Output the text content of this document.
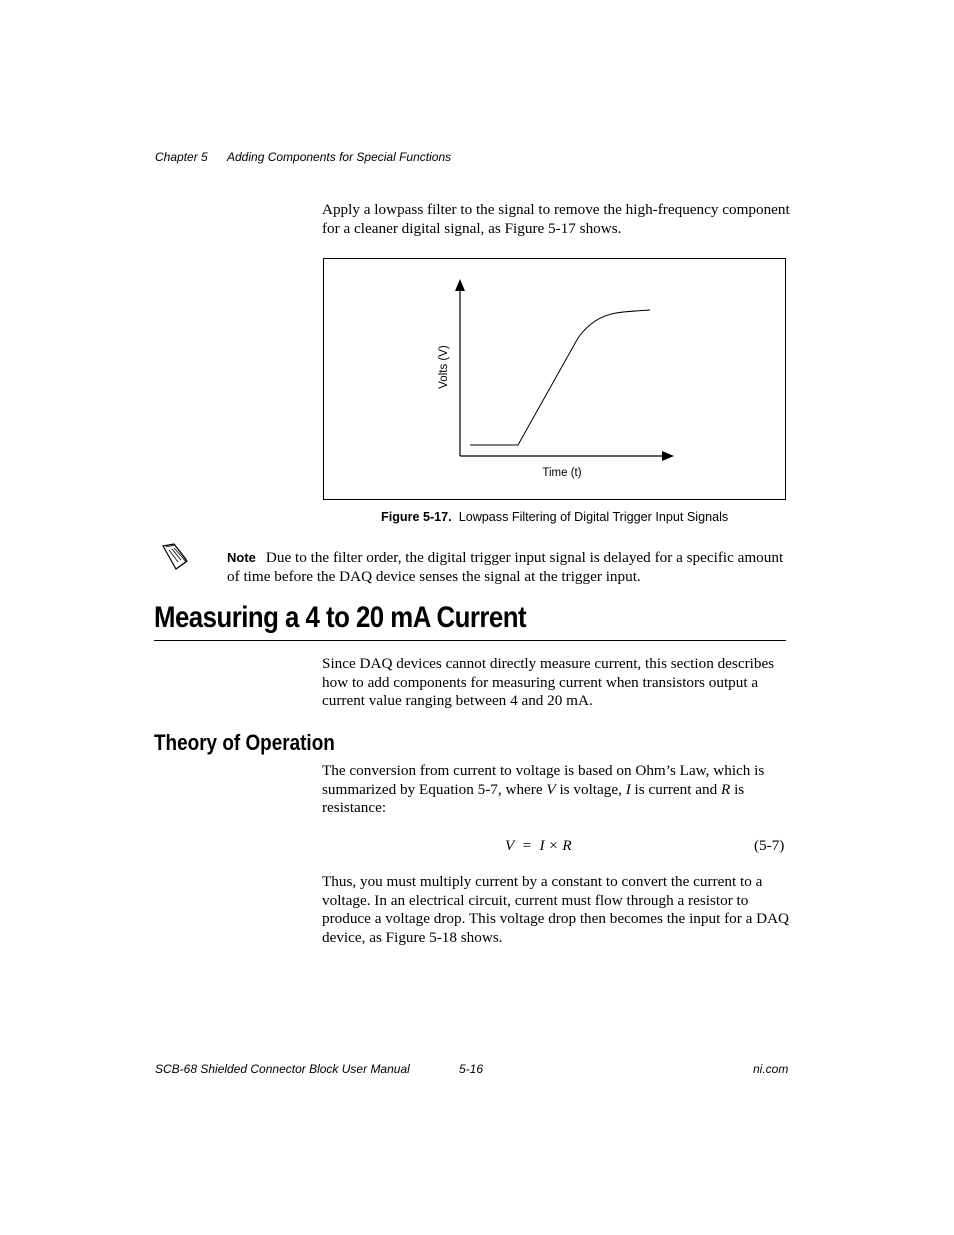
Chapter 5 Adding Components for Special Functions
Apply a lowpass filter to the signal to remove the high-frequency component for a cleaner digital signal, as Figure 5-17 shows.
Volts (V)
Time (t)
Figure 5-17. Lowpass Filtering of Digital Trigger Input Signals
Note Due to the filter order, the digital trigger input signal is delayed for a specific amount of time before the DAQ device senses the signal at the trigger input.
Measuring a 4 to 20 mA Current
Since DAQ devices cannot directly measure current, this section describes how to add components for measuring current when transistors output a current value ranging between 4 and 20 mA.
Theory of Operation
The conversion from current to voltage is based on Ohm’s Law, which is summarized by Equation 5-7, where V is voltage, I is current and R is resistance:
V  =  I × R	(5-7)
Thus, you must multiply current by a constant to convert the current to a voltage. In an electrical circuit, current must flow through a resistor to produce a voltage drop. This voltage drop then becomes the input for a DAQ device, as Figure 5-18 shows.
SCB-68 Shielded Connector Block User Manual	5-16	ni.com
